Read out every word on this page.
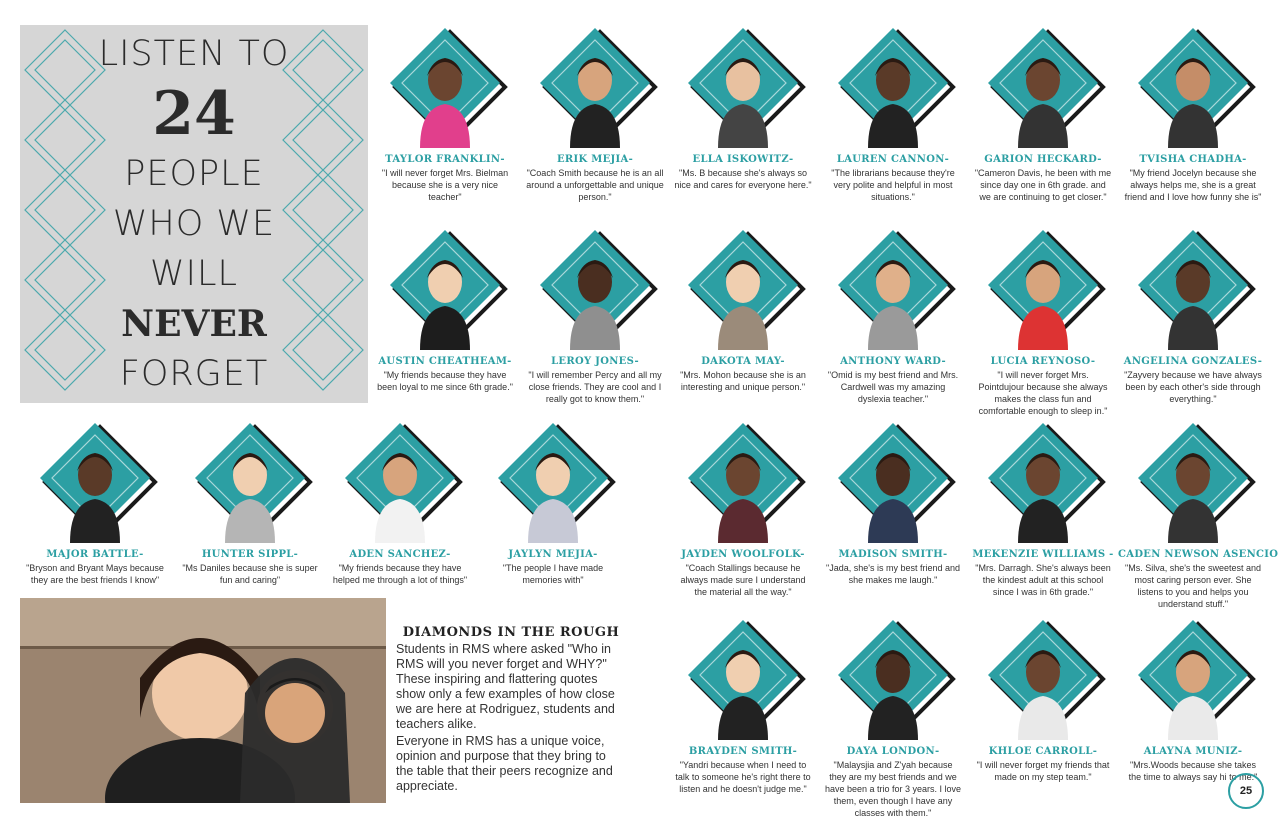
LISTEN TO
24
PEOPLE
WHO WE
WILL
NEVER
FORGET
TAYLOR FRANKLIN-
"I will never forget Mrs. Bielman because she is a very nice teacher"
ERIK MEJIA-
"Coach Smith because he is an all around a unforgettable and unique person."
ELLA ISKOWITZ-
"Ms. B because she's always so nice and cares for everyone here."
LAUREN CANNON-
"The librarians because they're very polite and helpful in most situations."
GARION HECKARD-
"Cameron Davis, he been with me since day one in 6th grade. and we are continuing to get closer."
TVISHA CHADHA-
"My friend Jocelyn because she always helps me, she is a great friend and I love how funny she is"
AUSTIN CHEATHEAM-
"My friends because they have been loyal to me since 6th grade."
LEROY JONES-
"I will remember Percy and all my close friends. They are cool and I really got to know them."
DAKOTA MAY-
"Mrs. Mohon because she is an interesting and unique person."
ANTHONY WARD-
"Omid is my best friend and Mrs. Cardwell was my amazing dyslexia teacher."
LUCIA REYNOSO-
"I will never forget Mrs. Pointdujour because she always makes the class fun and comfortable enough to sleep in."
ANGELINA GONZALES-
"Zayvery because we have always been by each other's side through everything."
MAJOR BATTLE-
"Bryson and Bryant Mays because they are the best friends I know"
HUNTER SIPPL-
"Ms Daniles because she is super fun and caring"
ADEN SANCHEZ-
"My friends because they have helped me through a lot of things"
JAYLYN MEJIA-
"The people I have made memories with"
JAYDEN WOOLFOLK-
"Coach Stallings because he always made sure I understand the material all the way."
MADISON SMITH-
"Jada, she's is my best friend and she makes me laugh."
MEKENZIE WILLIAMS -
"Mrs. Darragh. She's always been the kindest adult at this school since I was in 6th grade."
CADEN NEWSON ASENCIO
"Ms. Silva, she's the sweetest and most caring person ever. She listens to you and helps you understand stuff."
BRAYDEN SMITH-
"Yandri because when I need to talk to someone he's right there to listen and he doesn't judge me."
DAYA LONDON-
"Malaysjia and Z'yah because they are my best friends and we have been a trio for 3 years. I love them, even though I have any classes with them."
KHLOE CARROLL-
"I will never forget my friends that made on my step team."
ALAYNA MUNIZ-
"Mrs.Woods because she takes the time to always say hi to me."
DIAMONDS IN THE ROUGH

Students in RMS where asked "Who in RMS will you never forget and WHY?" These inspiring and flattering quotes show only a few examples of how close we are here at Rodriguez, students and teachers alike.

Everyone in RMS has a unique voice, opinion and purpose that they bring to the table that their peers recognize and appreciate.	25
